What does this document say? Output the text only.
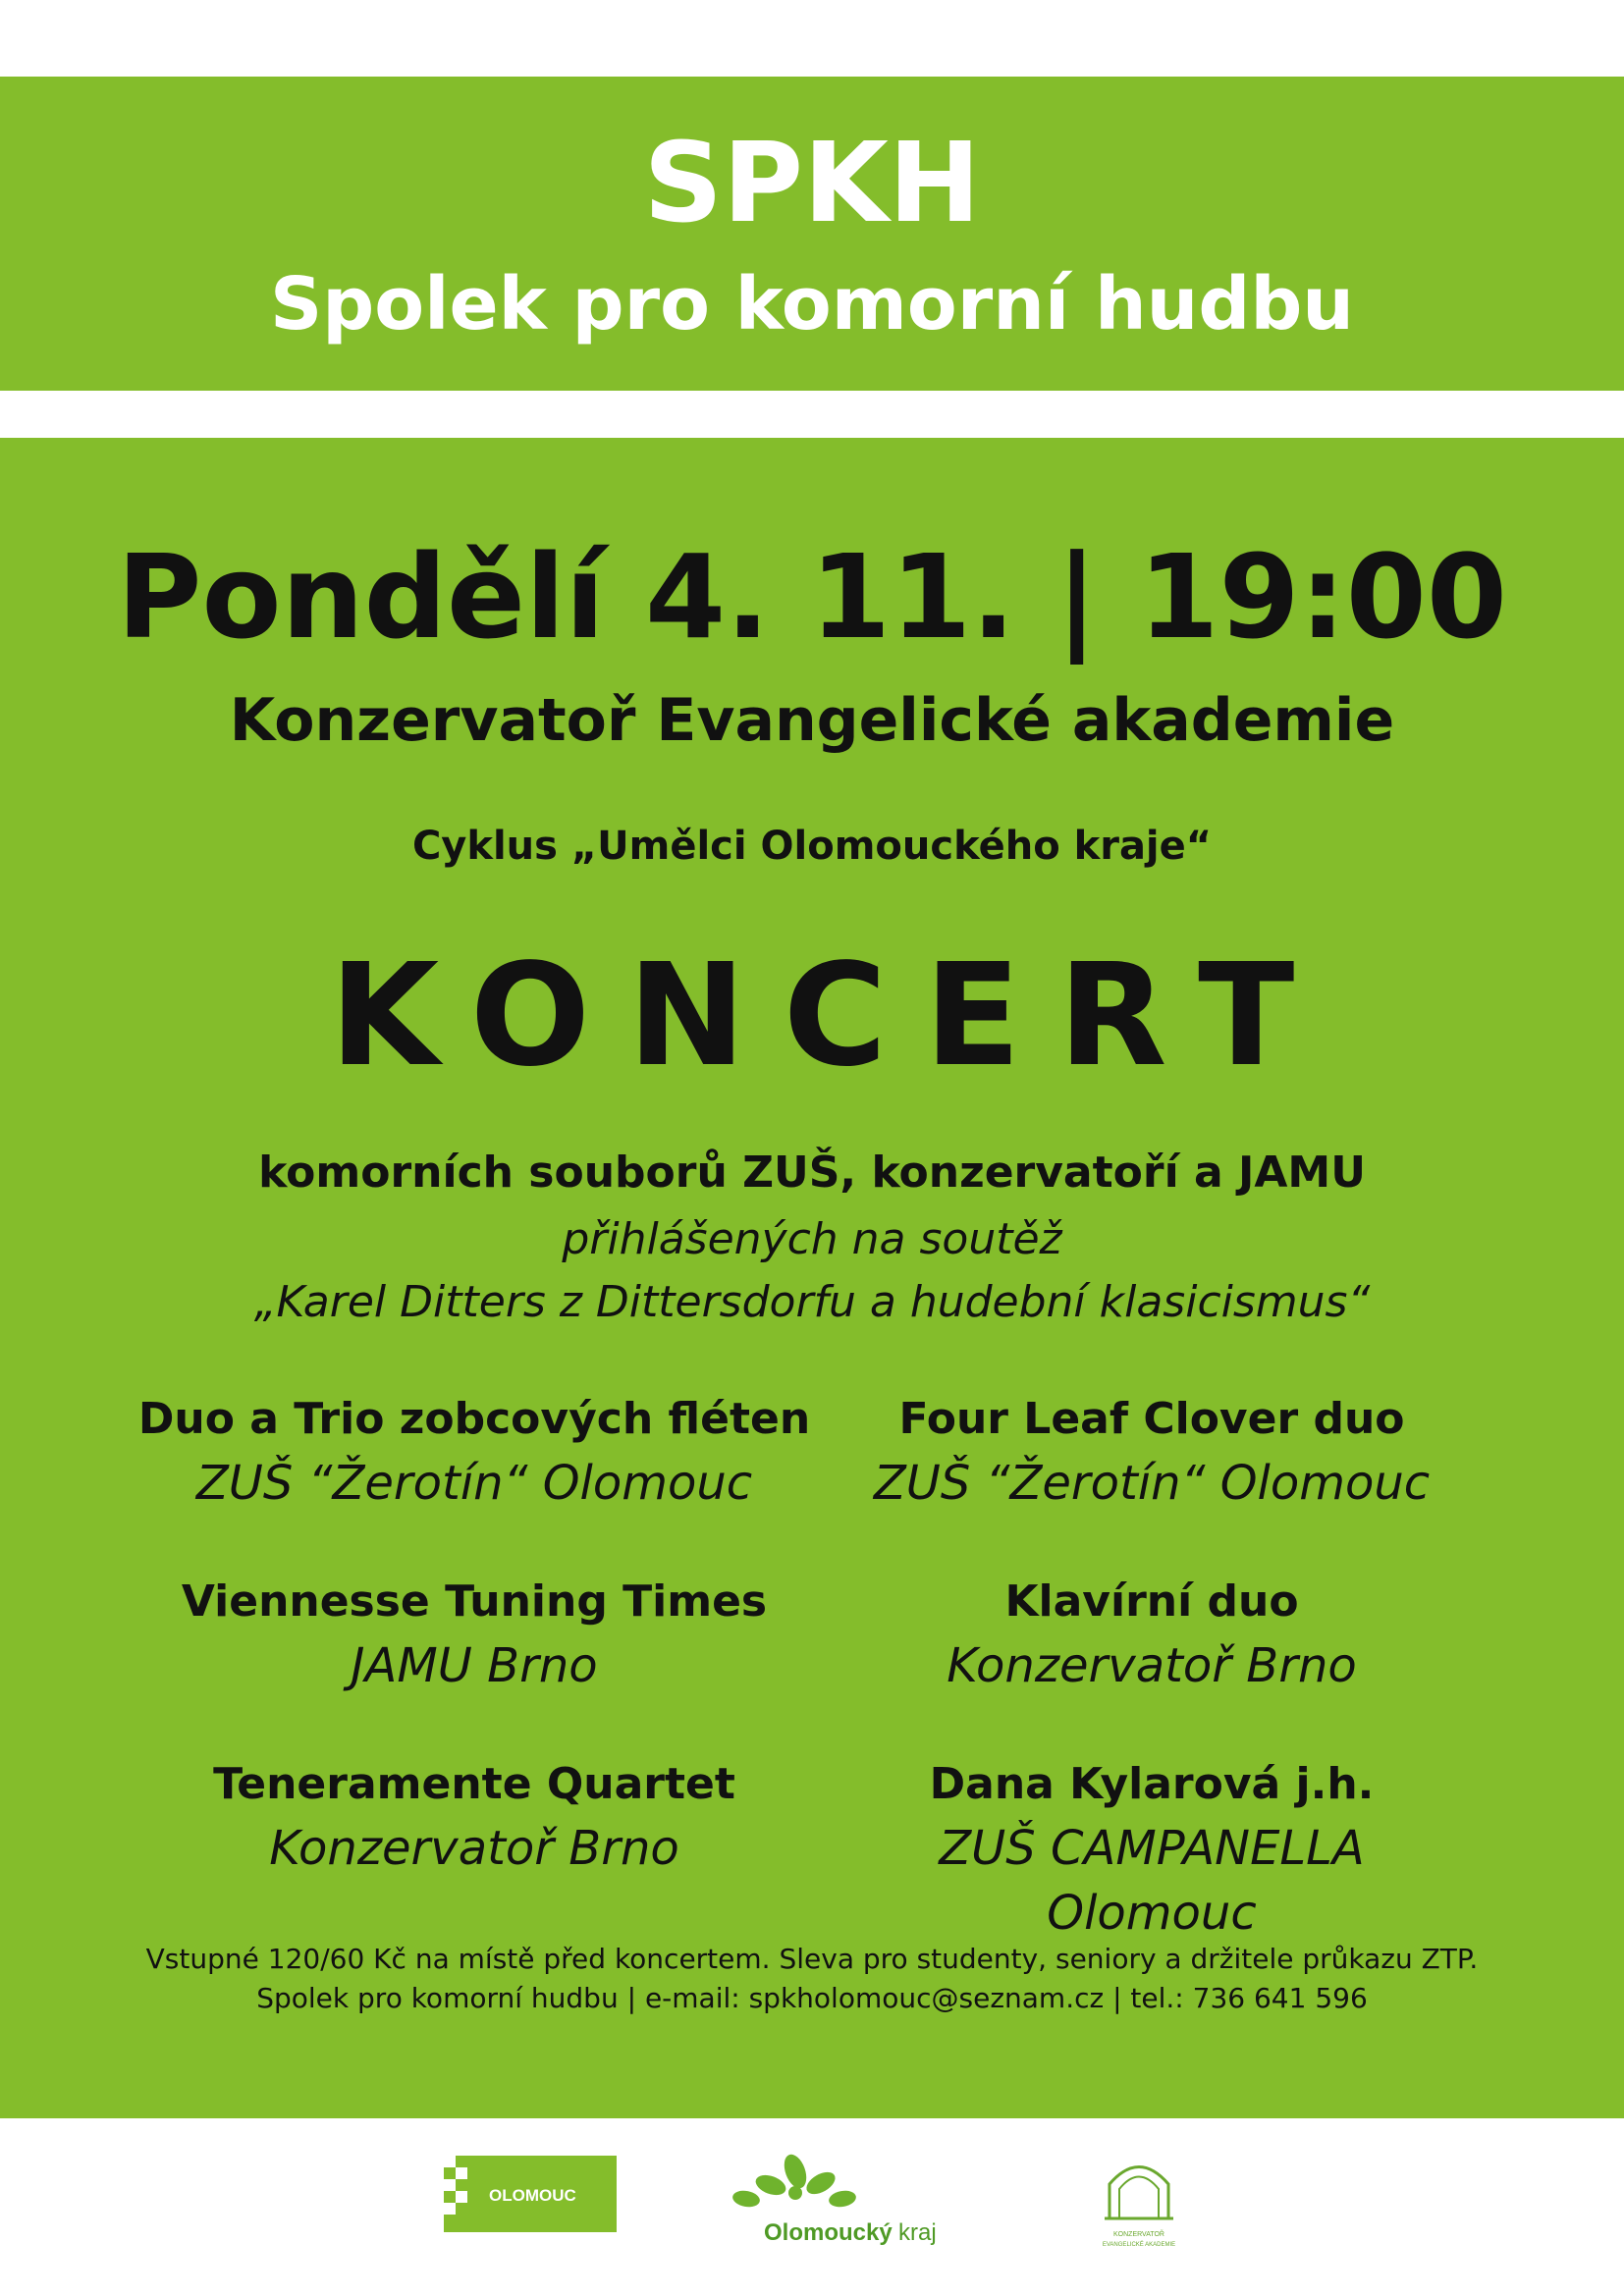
SPKH
Spolek pro komorní hudbu
Pondělí 4. 11. | 19:00
Konzervatoř Evangelické akademie
Cyklus „Umělci Olomouckého kraje“
KONCERT
komorních souborů ZUŠ, konzervatoří a JAMU
přihlášených na soutěž
„Karel Ditters z Dittersdorfu a hudební klasicismus“
Duo a Trio zobcových fléten
ZUŠ “Žerotín“ Olomouc
Four Leaf Clover duo
ZUŠ “Žerotín“ Olomouc
Viennesse Tuning Times
JAMU Brno
Klavírní duo
Konzervatoř Brno
Teneramente Quartet
Konzervatoř Brno
Dana Kylarová j.h.
ZUŠ CAMPANELLA
Olomouc
Vstupné 120/60 Kč na místě před koncertem. Sleva pro studenty, seniory a držitele průkazu ZTP.
Spolek pro komorní hudbu | e-mail: spkholomouc@seznam.cz | tel.: 736 641 596
OLOMOUC
Olomoucký kraj	KONZERVATOŘ
EVANGELICKÉ AKADEMIE
